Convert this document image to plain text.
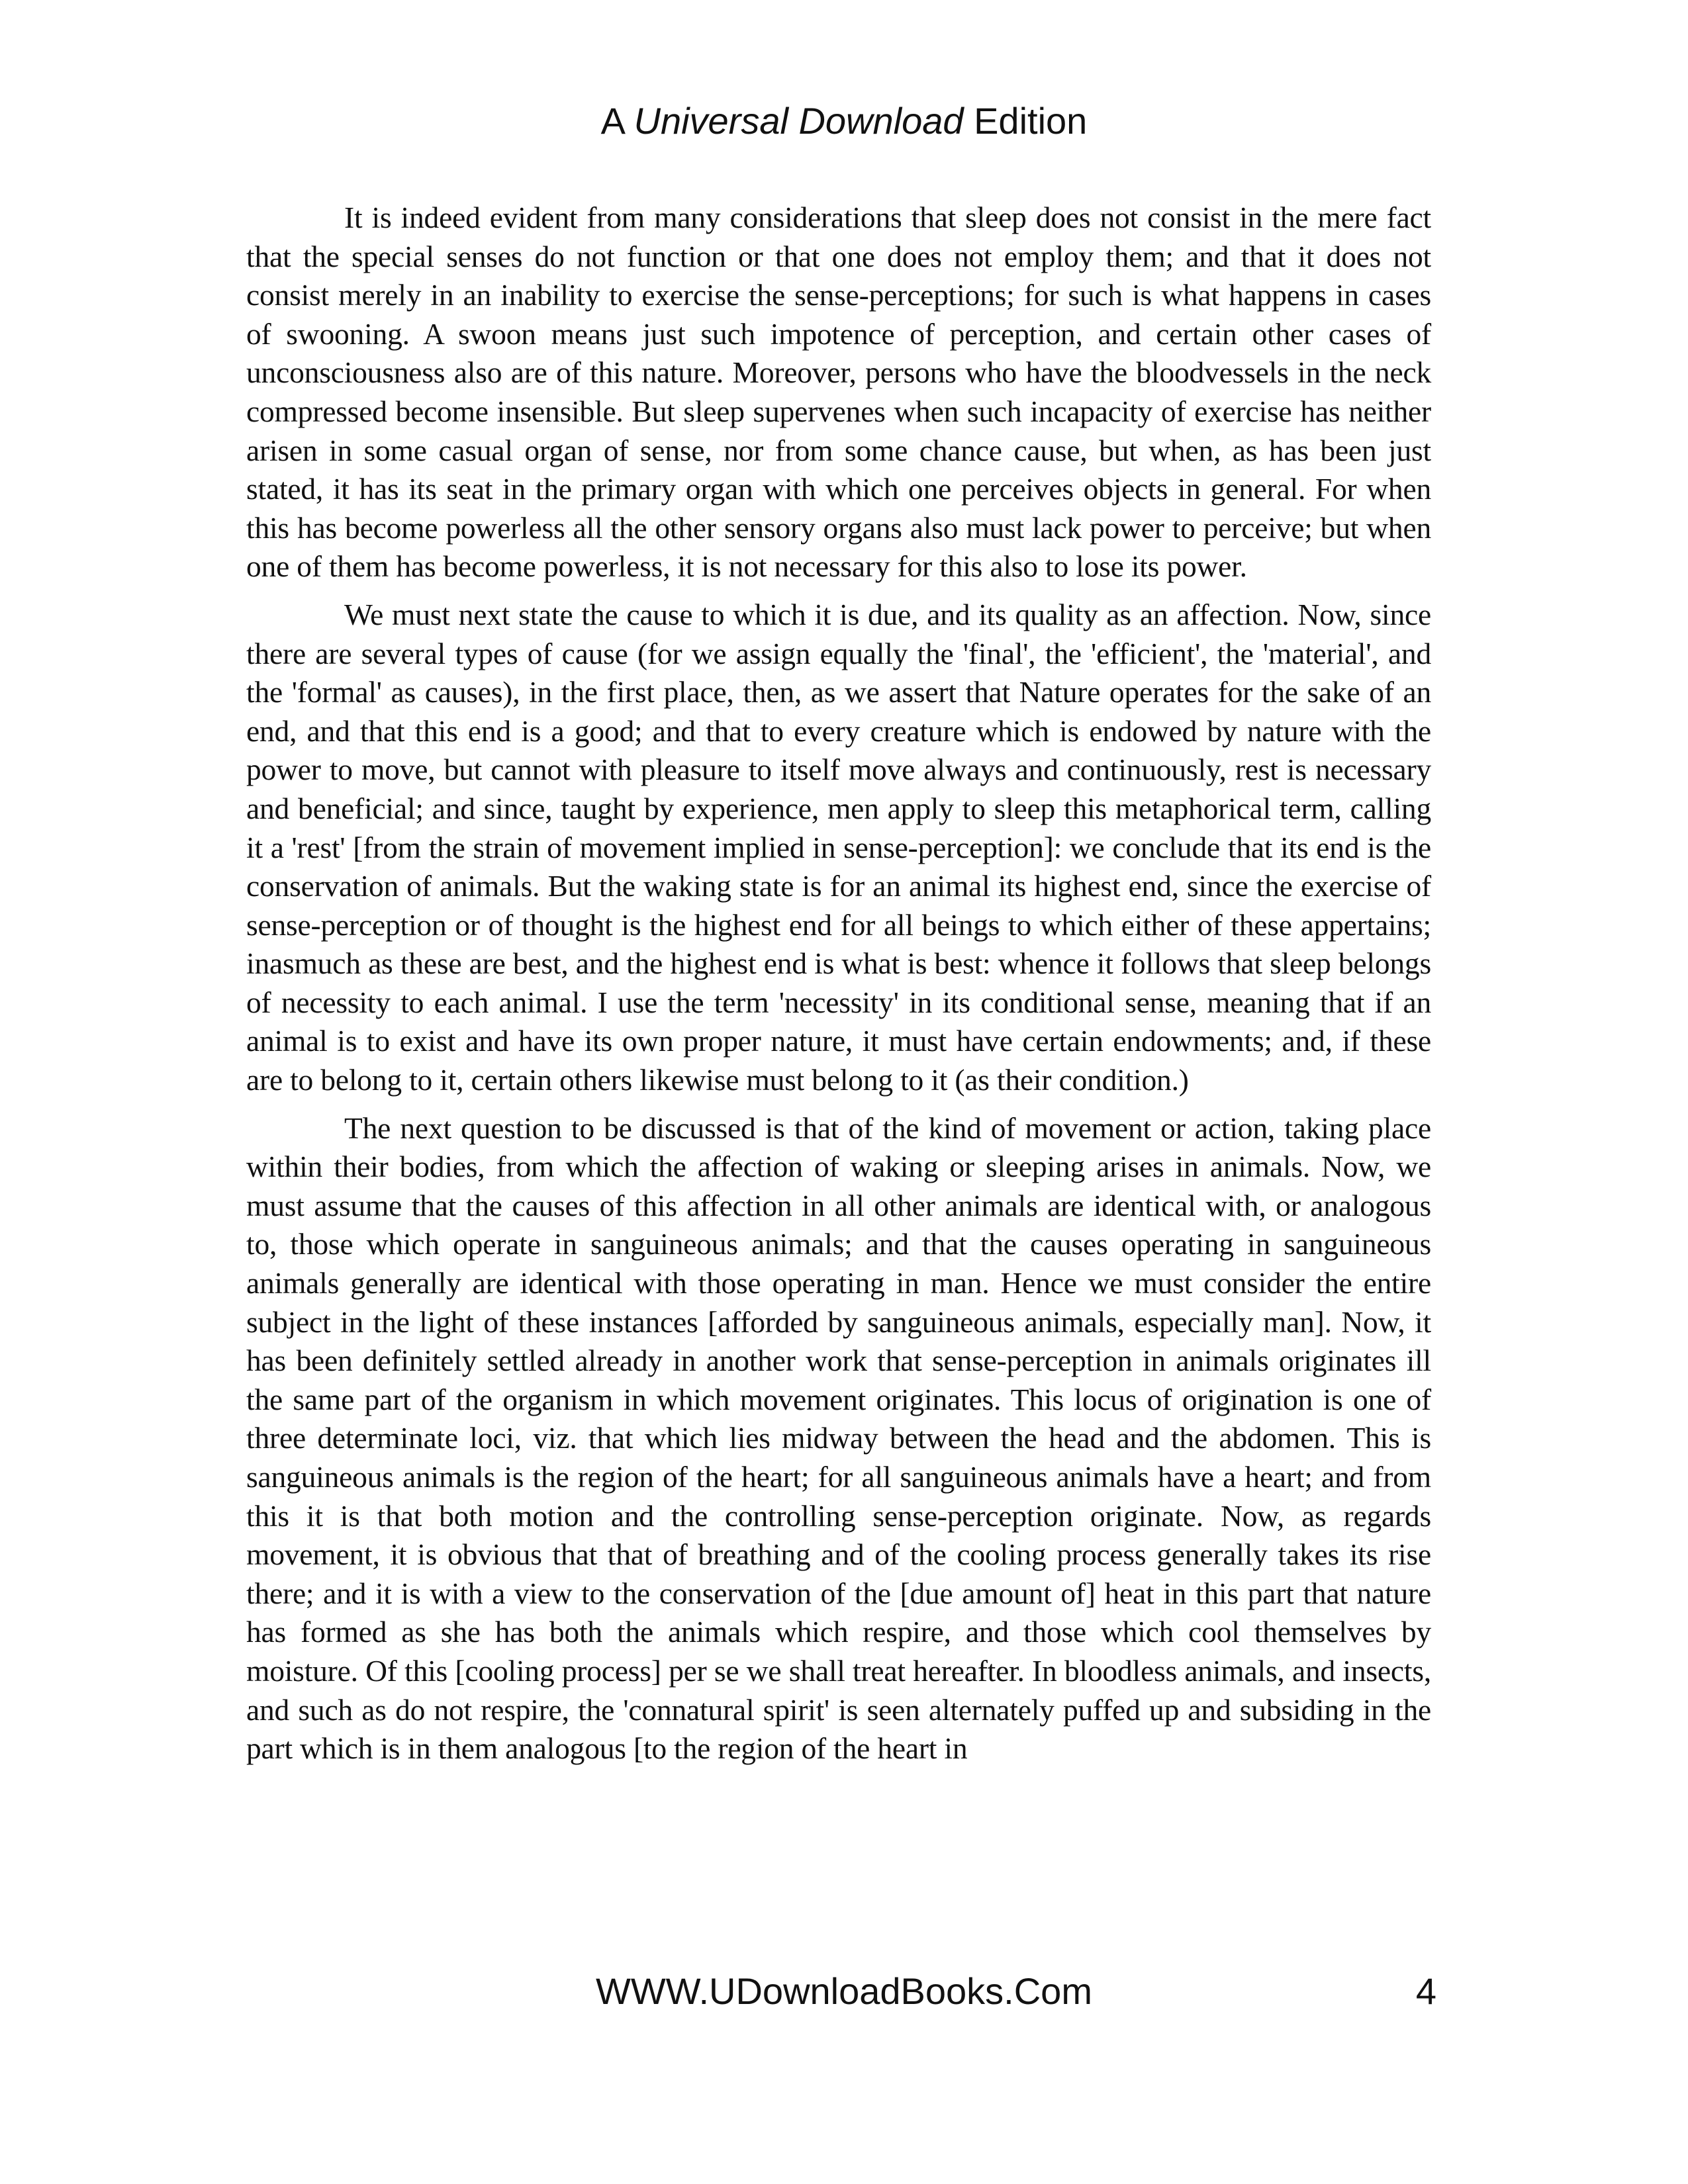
A Universal Download Edition

It is indeed evident from many considerations that sleep does not consist in the mere fact that the special senses do not function or that one does not employ them; and that it does not consist merely in an inability to exercise the sense-perceptions; for such is what happens in cases of swooning. A swoon means just such impotence of perception, and certain other cases of unconsciousness also are of this nature. Moreover, persons who have the bloodvessels in the neck compressed become insensible. But sleep supervenes when such incapacity of exercise has neither arisen in some casual organ of sense, nor from some chance cause, but when, as has been just stated, it has its seat in the primary organ with which one perceives objects in general. For when this has become powerless all the other sensory organs also must lack power to perceive; but when one of them has become powerless, it is not necessary for this also to lose its power.

We must next state the cause to which it is due, and its quality as an affection. Now, since there are several types of cause (for we assign equally the 'final', the 'efficient', the 'material', and the 'formal' as causes), in the first place, then, as we assert that Nature operates for the sake of an end, and that this end is a good; and that to every creature which is endowed by nature with the power to move, but cannot with pleasure to itself move always and continuously, rest is necessary and beneficial; and since, taught by experience, men apply to sleep this metaphorical term, calling it a 'rest' [from the strain of movement implied in sense-perception]: we conclude that its end is the conservation of animals. But the waking state is for an animal its highest end, since the exercise of sense-perception or of thought is the highest end for all beings to which either of these appertains; inasmuch as these are best, and the highest end is what is best: whence it follows that sleep belongs of necessity to each animal. I use the term 'necessity' in its conditional sense, meaning that if an animal is to exist and have its own proper nature, it must have certain endowments; and, if these are to belong to it, certain others likewise must belong to it (as their condition.)

The next question to be discussed is that of the kind of movement or action, taking place within their bodies, from which the affection of waking or sleeping arises in animals. Now, we must assume that the causes of this affection in all other animals are identical with, or analogous to, those which operate in sanguineous animals; and that the causes operating in sanguineous animals generally are identical with those operating in man. Hence we must consider the entire subject in the light of these instances [afforded by sanguineous animals, especially man]. Now, it has been definitely settled already in another work that sense-perception in animals originates ill the same part of the organism in which movement originates. This locus of origination is one of three determinate loci, viz. that which lies midway between the head and the abdomen. This is sanguineous animals is the region of the heart; for all sanguineous animals have a heart; and from this it is that both motion and the controlling sense-perception originate. Now, as regards movement, it is obvious that that of breathing and of the cooling process generally takes its rise there; and it is with a view to the conservation of the [due amount of] heat in this part that nature has formed as she has both the animals which respire, and those which cool themselves by moisture. Of this [cooling process] per se we shall treat hereafter. In bloodless animals, and insects, and such as do not respire, the 'connatural spirit' is seen alternately puffed up and subsiding in the part which is in them analogous [to the region of the heart in

WWW.UDownloadBooks.Com	4
